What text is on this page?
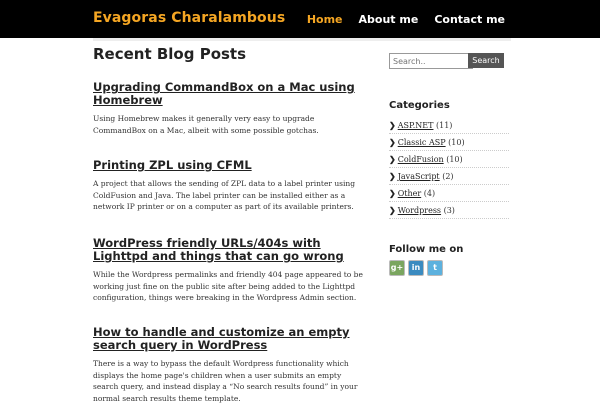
Evagoras Charalambous Home About me Contact me
Recent Blog Posts
Upgrading CommandBox on a Mac using Homebrew

Using Homebrew makes it generally very easy to upgrade CommandBox on a Mac, albeit with some possible gotchas.

Printing ZPL using CFML

A project that allows the sending of ZPL data to a label printer using ColdFusion and Java. The label printer can be installed either as a network IP printer or on a computer as part of its available printers.

WordPress friendly URLs/404s with Lighttpd and things that can go wrong

While the Wordpress permalinks and friendly 404 page appeared to be working just fine on the public site after being added to the Lighttpd configuration, things were breaking in the Wordpress Admin section.

How to handle and customize an empty search query in WordPress

There is a way to bypass the default Wordpress functionality which displays the home page's children when a user submits an empty search query, and instead display a “No search results found” in your normal search results theme template.

Search..
Search
Categories
❯ ASP.NET (11)
❯ Classic ASP (10)
❯ ColdFusion (10)
❯ JavaScript (2)
❯ Other (4)
❯ Wordpress (3)
Follow me on
g+	in	t
